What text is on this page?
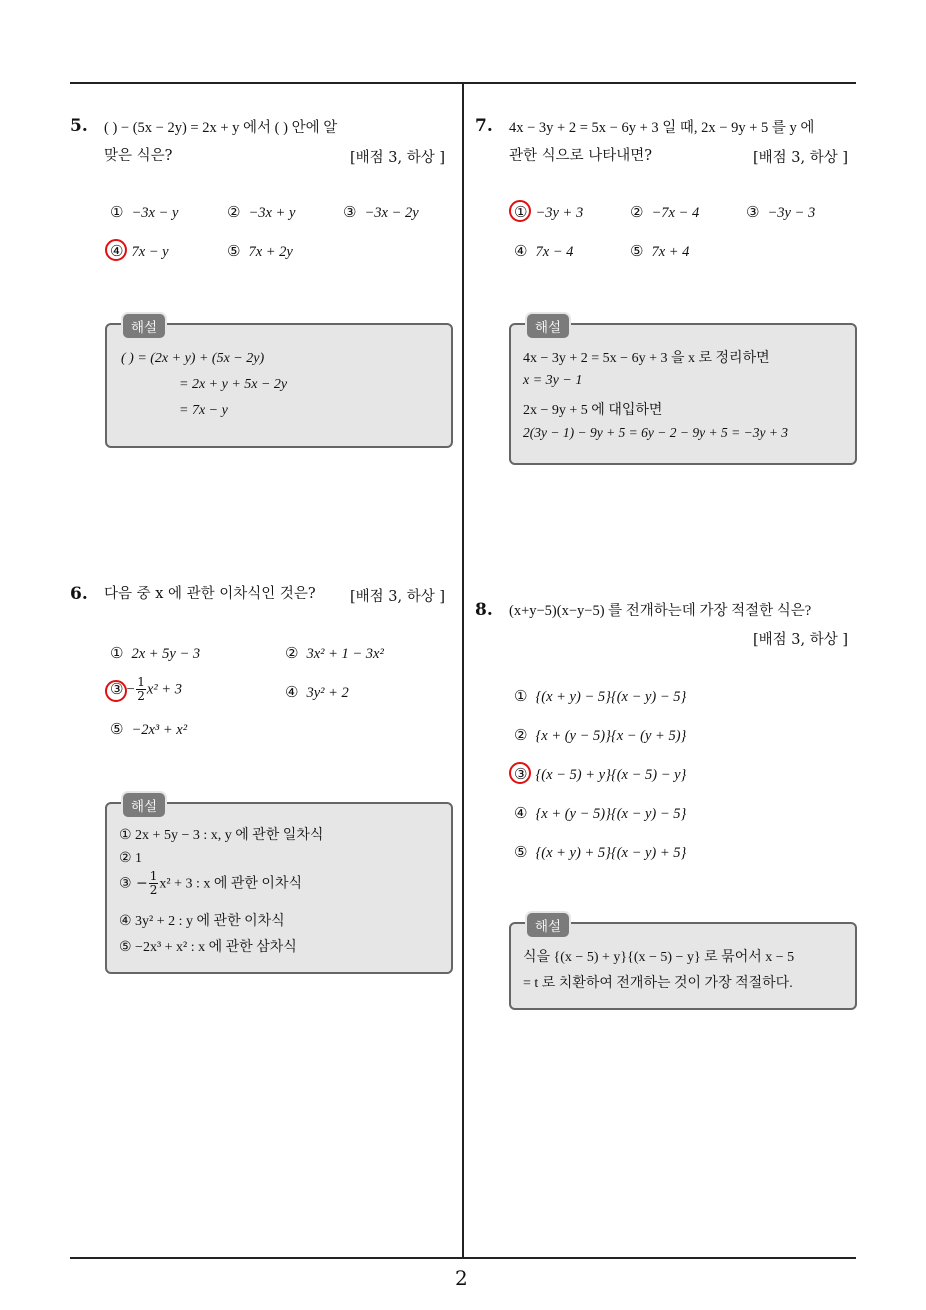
5. ( ) − (5x − 2y) = 2x + y 에서 ( ) 안에 알
맞은 식은?	[배점 3, 하상 ]
① −3x − y	② −3x + y	③ −3x − 2y
④ 7x − y	⑤ 7x + 2y
해설
( ) = (2x + y) + (5x − 2y)
= 2x + y + 5x − 2y
= 7x − y
7. 4x − 3y + 2 = 5x − 6y + 3 일 때, 2x − 9y + 5 를 y 에
관한 식으로 나타내면?	[배점 3, 하상 ]
① −3y + 3	② −7x − 4	③ −3y − 3
④ 7x − 4	⑤ 7x + 4
해설
4x − 3y + 2 = 5x − 6y + 3 을 x 로 정리하면
x = 3y − 1
2x − 9y + 5 에 대입하면
2(3y − 1) − 9y + 5 = 6y − 2 − 9y + 5 = −3y + 3
6. 다음 중 x 에 관한 이차식인 것은? [배점 3, 하상 ]
① 2x + 5y − 3	② 3x² + 1 − 3x²
③ − $\frac{1}{2} x^2 + 3$	④ 3y² + 2
⑤ −2x³ + x²
해설
① 2x + 5y − 3 : x, y 에 관한 일차식
② 1
③ − $\frac{1}{2} x^2 + 3$ : x 에 관한 이차식
④ 3y² + 2 : y 에 관한 이차식
⑤ −2x³ + x² : x 에 관한 삼차식
8. (x+y−5)(x−y−5) 를 전개하는데 가장 적절한 식은?
[배점 3, 하상 ]
① {(x + y) − 5}{(x − y) − 5}
② {x + (y − 5)}{x − (y + 5)}
③ {(x − 5) + y}{(x − 5) − y}
④ {x + (y − 5)}{(x − y) − 5}
⑤ {(x + y) + 5}{(x − y) + 5}
해설
식을 {(x − 5) + y}{(x − 5) − y} 로 묶어서 x − 5
= t 로 치환하여 전개하는 것이 가장 적절하다.
2
